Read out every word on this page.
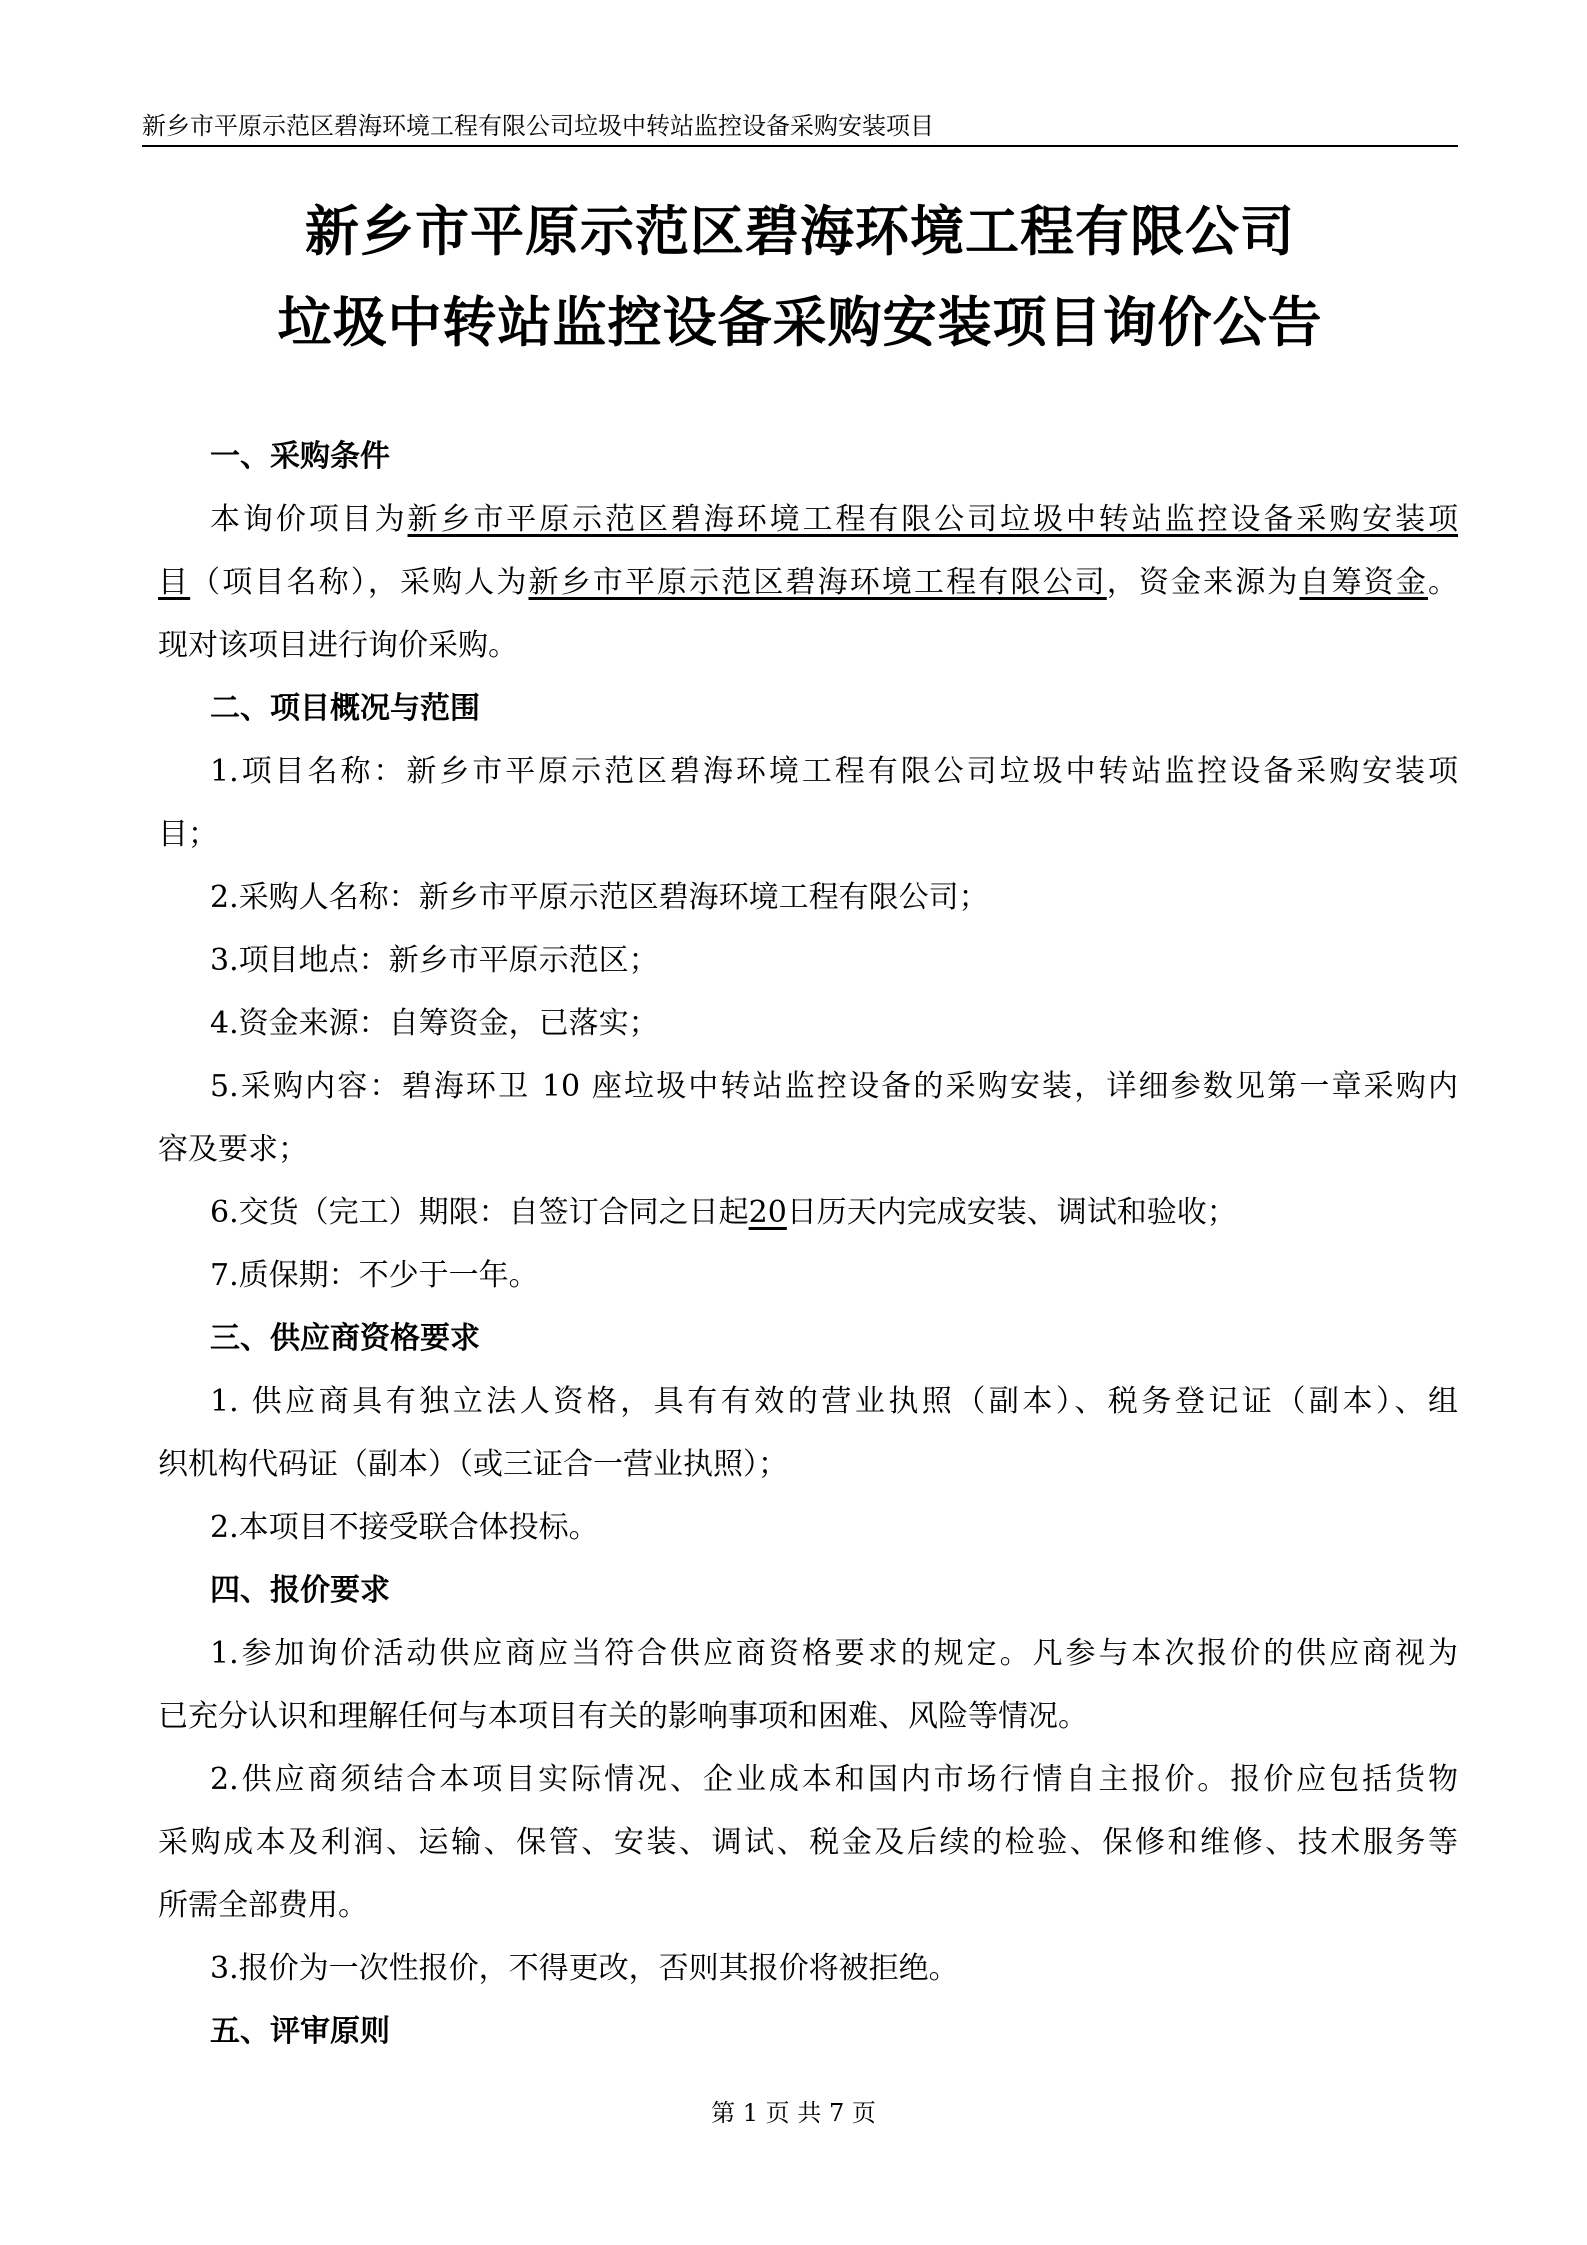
新乡市平原示范区碧海环境工程有限公司垃圾中转站监控设备采购安装项目
新乡市平原示范区碧海环境工程有限公司
垃圾中转站监控设备采购安装项目询价公告
一、采购条件
本询价项目为新乡市平原示范区碧海环境工程有限公司垃圾中转站监控设备采购安装项
目（项目名称），采购人为新乡市平原示范区碧海环境工程有限公司，资金来源为自筹资金。
现对该项目进行询价采购。
二、项目概况与范围
1.项目名称：新乡市平原示范区碧海环境工程有限公司垃圾中转站监控设备采购安装项
目；
2.采购人名称：新乡市平原示范区碧海环境工程有限公司；
3.项目地点：新乡市平原示范区；
4.资金来源：自筹资金，已落实；
5.采购内容：碧海环卫 10 座垃圾中转站监控设备的采购安装，详细参数见第一章采购内
容及要求；
6.交货（完工）期限：自签订合同之日起20日历天内完成安装、调试和验收；
7.质保期：不少于一年。
三、供应商资格要求
1. 供应商具有独立法人资格，具有有效的营业执照（副本）、税务登记证（副本）、组
织机构代码证（副本）（或三证合一营业执照）；
2.本项目不接受联合体投标。
四、报价要求
1.参加询价活动供应商应当符合供应商资格要求的规定。凡参与本次报价的供应商视为
已充分认识和理解任何与本项目有关的影响事项和困难、风险等情况。
2.供应商须结合本项目实际情况、企业成本和国内市场行情自主报价。报价应包括货物
采购成本及利润、运输、保管、安装、调试、税金及后续的检验、保修和维修、技术服务等
所需全部费用。
3.报价为一次性报价，不得更改，否则其报价将被拒绝。
五、评审原则
第 1 页 共 7 页
